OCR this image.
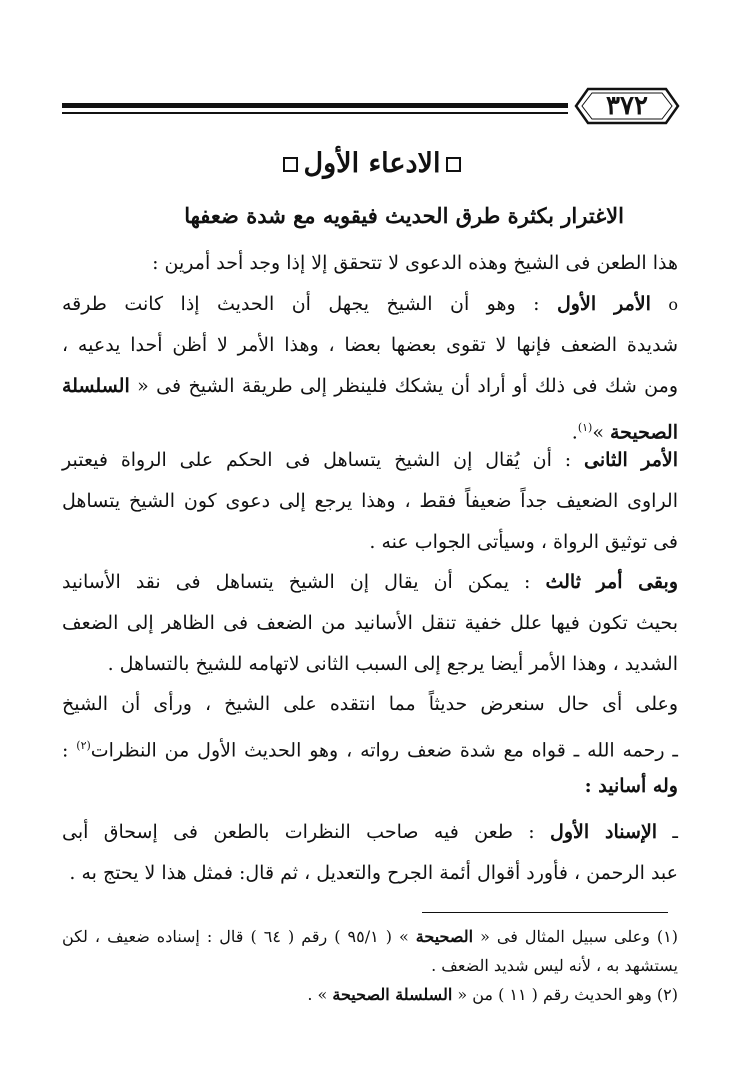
٣٧٢
الادعاء الأول
الاغترار بكثرة طرق الحديث فيقويه مع شدة ضعفها

هذا الطعن فى الشيخ وهذه الدعوى لا تتحقق إلا إذا وجد أحد أمرين :

o الأمر الأول : وهو أن الشيخ يجهل أن الحديث إذا كانت طرقه

شديدة الضعف فإنها لا تقوى بعضها بعضا ، وهذا الأمر لا أظن أحدا يدعيه ،

ومن شك فى ذلك أو أراد أن يشكك فلينظر إلى طريقة الشيخ فى « السلسلة

الصحيحة »$^{(١)}$.

الأمر الثانى : أن يُقال إن الشيخ يتساهل فى الحكم على الرواة فيعتبر

الراوى الضعيف جداً ضعيفاً فقط ، وهذا يرجع إلى دعوى كون الشيخ يتساهل

فى توثيق الرواة ، وسيأتى الجواب عنه .

وبقى أمر ثالث : يمكن أن يقال إن الشيخ يتساهل فى نقد الأسانيد

بحيث تكون فيها علل خفية تنقل الأسانيد من الضعف فى الظاهر إلى الضعف

الشديد ، وهذا الأمر أيضا يرجع إلى السبب الثانى لاتهامه للشيخ بالتساهل .

وعلى أى حال سنعرض حديثاً مما انتقده على الشيخ ، ورأى أن الشيخ

ـ رحمه الله ـ قواه مع شدة ضعف رواته ، وهو الحديث الأول من النظرات$^{(٢)}$ :

وله أسانيد :

ـ الإسناد الأول : طعن فيه صاحب النظرات بالطعن فى إسحاق أبى

عبد الرحمن ، فأورد أقوال أئمة الجرح والتعديل ، ثم قال: فمثل هذا لا يحتج به .

(١) وعلى سبيل المثال فى « الصحيحة » ( ٩٥/١ ) رقم ( ٦٤ ) قال : إسناده ضعيف ، لكن

يستشهد به ، لأنه ليس شديد الضعف .

(٢) وهو الحديث رقم ( ١١ ) من « السلسلة الصحيحة » .
